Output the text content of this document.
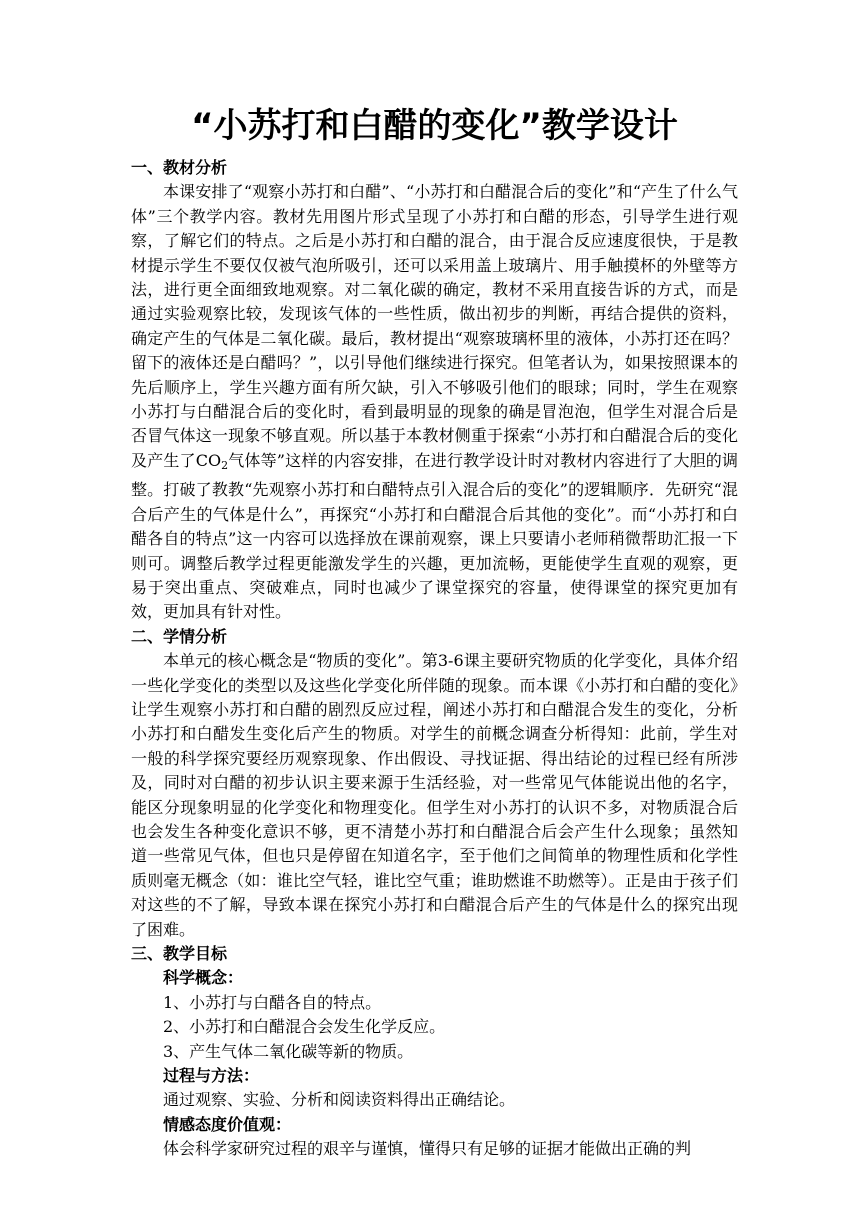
“小苏打和白醋的变化”教学设计

一、教材分析

本课安排了“观察小苏打和白醋”、“小苏打和白醋混合后的变化”和“产生了什么气体”三个教学内容。教材先用图片形式呈现了小苏打和白醋的形态，引导学生进行观察，了解它们的特点。之后是小苏打和白醋的混合，由于混合反应速度很快，于是教材提示学生不要仅仅被气泡所吸引，还可以采用盖上玻璃片、用手触摸杯的外壁等方法，进行更全面细致地观察。对二氧化碳的确定，教材不采用直接告诉的方式，而是通过实验观察比较，发现该气体的一些性质，做出初步的判断，再结合提供的资料，确定产生的气体是二氧化碳。最后，教材提出“观察玻璃杯里的液体，小苏打还在吗？留下的液体还是白醋吗？”，以引导他们继续进行探究。但笔者认为，如果按照课本的先后顺序上，学生兴趣方面有所欠缺，引入不够吸引他们的眼球；同时，学生在观察小苏打与白醋混合后的变化时，看到最明显的现象的确是冒泡泡，但学生对混合后是否冒气体这一现象不够直观。所以基于本教材侧重于探索“小苏打和白醋混合后的变化及产生了$CO_2$气体等”这样的内容安排，在进行教学设计时对教材内容进行了大胆的调整。打破了教教“先观察小苏打和白醋特点引入混合后的变化”的逻辑顺序．先研究“混合后产生的气体是什么”，再探究“小苏打和白醋混合后其他的变化”。而“小苏打和白醋各自的特点”这一内容可以选择放在课前观察，课上只要请小老师稍微帮助汇报一下则可。调整后教学过程更能激发学生的兴趣，更加流畅，更能使学生直观的观察，更易于突出重点、突破难点，同时也减少了课堂探究的容量，使得课堂的探究更加有效，更加具有针对性。

二、学情分析

本单元的核心概念是“物质的变化”。第3-6课主要研究物质的化学变化，具体介绍一些化学变化的类型以及这些化学变化所伴随的现象。而本课《小苏打和白醋的变化》让学生观察小苏打和白醋的剧烈反应过程，阐述小苏打和白醋混合发生的变化，分析小苏打和白醋发生变化后产生的物质。对学生的前概念调查分析得知：此前，学生对一般的科学探究要经历观察现象、作出假设、寻找证据、得出结论的过程已经有所涉及，同时对白醋的初步认识主要来源于生活经验，对一些常见气体能说出他的名字，能区分现象明显的化学变化和物理变化。但学生对小苏打的认识不多，对物质混合后也会发生各种变化意识不够，更不清楚小苏打和白醋混合后会产生什么现象；虽然知道一些常见气体，但也只是停留在知道名字，至于他们之间简单的物理性质和化学性质则毫无概念（如：谁比空气轻，谁比空气重；谁助燃谁不助燃等）。正是由于孩子们对这些的不了解，导致本课在探究小苏打和白醋混合后产生的气体是什么的探究出现了困难。

三、教学目标

科学概念：

1、小苏打与白醋各自的特点。

2、小苏打和白醋混合会发生化学反应。

3、产生气体二氧化碳等新的物质。

过程与方法：

通过观察、实验、分析和阅读资料得出正确结论。

情感态度价值观：

体会科学家研究过程的艰辛与谨慎，懂得只有足够的证据才能做出正确的判
